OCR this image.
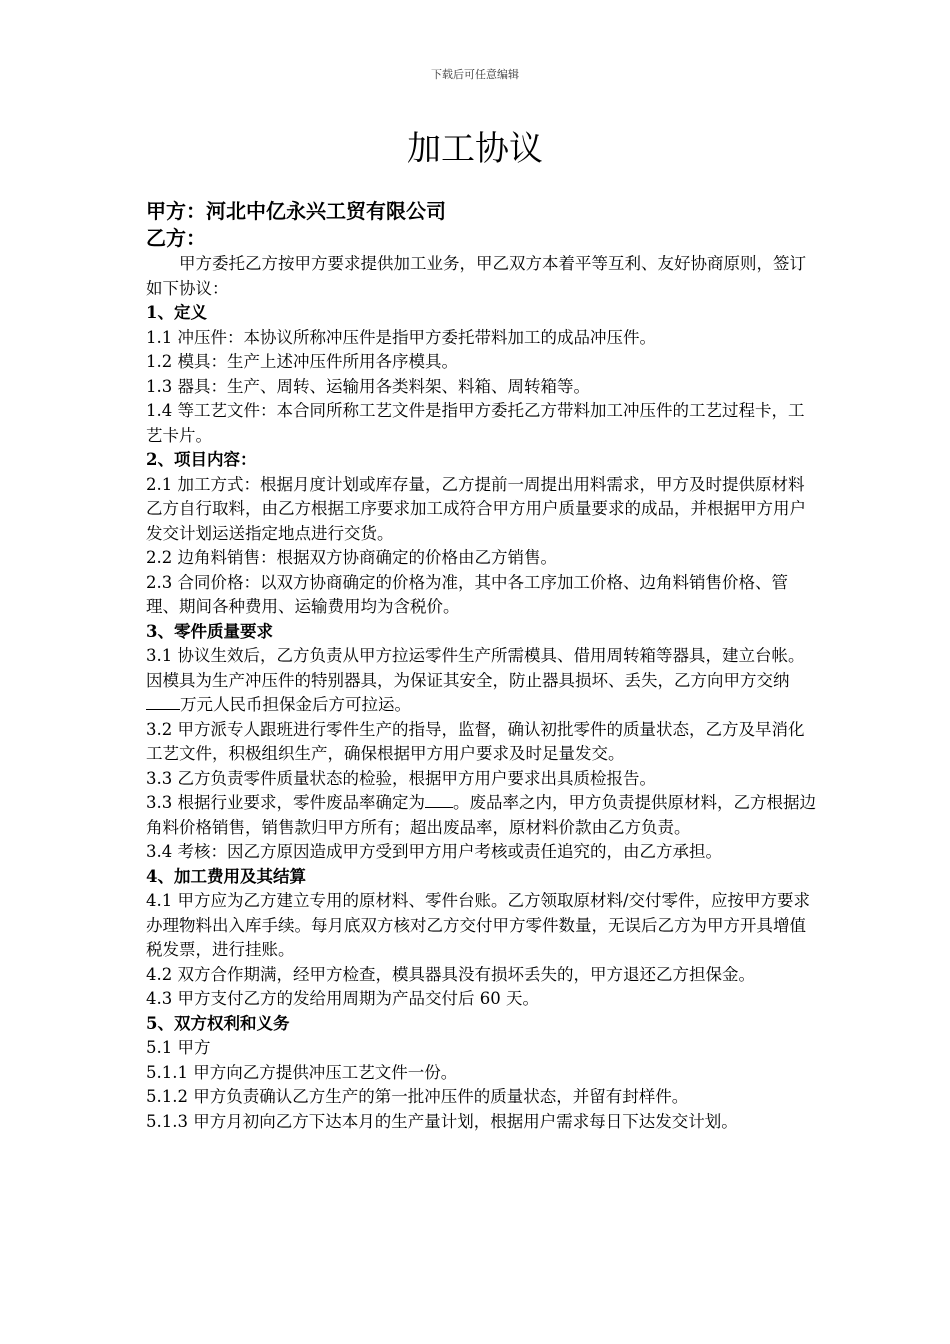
下载后可任意编辑
加工协议
甲方：河北中亿永兴工贸有限公司
乙方：

甲方委托乙方按甲方要求提供加工业务，甲乙双方本着平等互利、友好协商原则，签订如下协议：

1、定义

1.1 冲压件：本协议所称冲压件是指甲方委托带料加工的成品冲压件。

1.2 模具：生产上述冲压件所用各序模具。

1.3 器具：生产、周转、运输用各类料架、料箱、周转箱等。

1.4 等工艺文件：本合同所称工艺文件是指甲方委托乙方带料加工冲压件的工艺过程卡，工艺卡片。

2、项目内容：

2.1 加工方式：根据月度计划或库存量，乙方提前一周提出用料需求，甲方及时提供原材料乙方自行取料，由乙方根据工序要求加工成符合甲方用户质量要求的成品，并根据甲方用户发交计划运送指定地点进行交货。

2.2 边角料销售：根据双方协商确定的价格由乙方销售。

2.3 合同价格：以双方协商确定的价格为准，其中各工序加工价格、边角料销售价格、管理、期间各种费用、运输费用均为含税价。

3、零件质量要求

3.1 协议生效后，乙方负责从甲方拉运零件生产所需模具、借用周转箱等器具，建立台帐。因模具为生产冲压件的特别器具，为保证其安全，防止器具损坏、丢失，乙方向甲方交纳万元人民币担保金后方可拉运。

3.2 甲方派专人跟班进行零件生产的指导，监督，确认初批零件的质量状态，乙方及早消化工艺文件，积极组织生产，确保根据甲方用户要求及时足量发交。

3.3 乙方负责零件质量状态的检验，根据甲方用户要求出具质检报告。

3.3 根据行业要求，零件废品率确定为 。废品率之内，甲方负责提供原材料，乙方根据边角料价格销售，销售款归甲方所有；超出废品率，原材料价款由乙方负责。

3.4 考核：因乙方原因造成甲方受到甲方用户考核或责任追究的，由乙方承担。

4、加工费用及其结算

4.1 甲方应为乙方建立专用的原材料、零件台账。乙方领取原材料/交付零件，应按甲方要求办理物料出入库手续。每月底双方核对乙方交付甲方零件数量，无误后乙方为甲方开具增值税发票，进行挂账。

4.2 双方合作期满，经甲方检查，模具器具没有损坏丢失的，甲方退还乙方担保金。

4.3 甲方支付乙方的发给用周期为产品交付后 60 天。

5、双方权利和义务

5.1 甲方

5.1.1 甲方向乙方提供冲压工艺文件一份。

5.1.2 甲方负责确认乙方生产的第一批冲压件的质量状态，并留有封样件。

5.1.3 甲方月初向乙方下达本月的生产量计划，根据用户需求每日下达发交计划。
